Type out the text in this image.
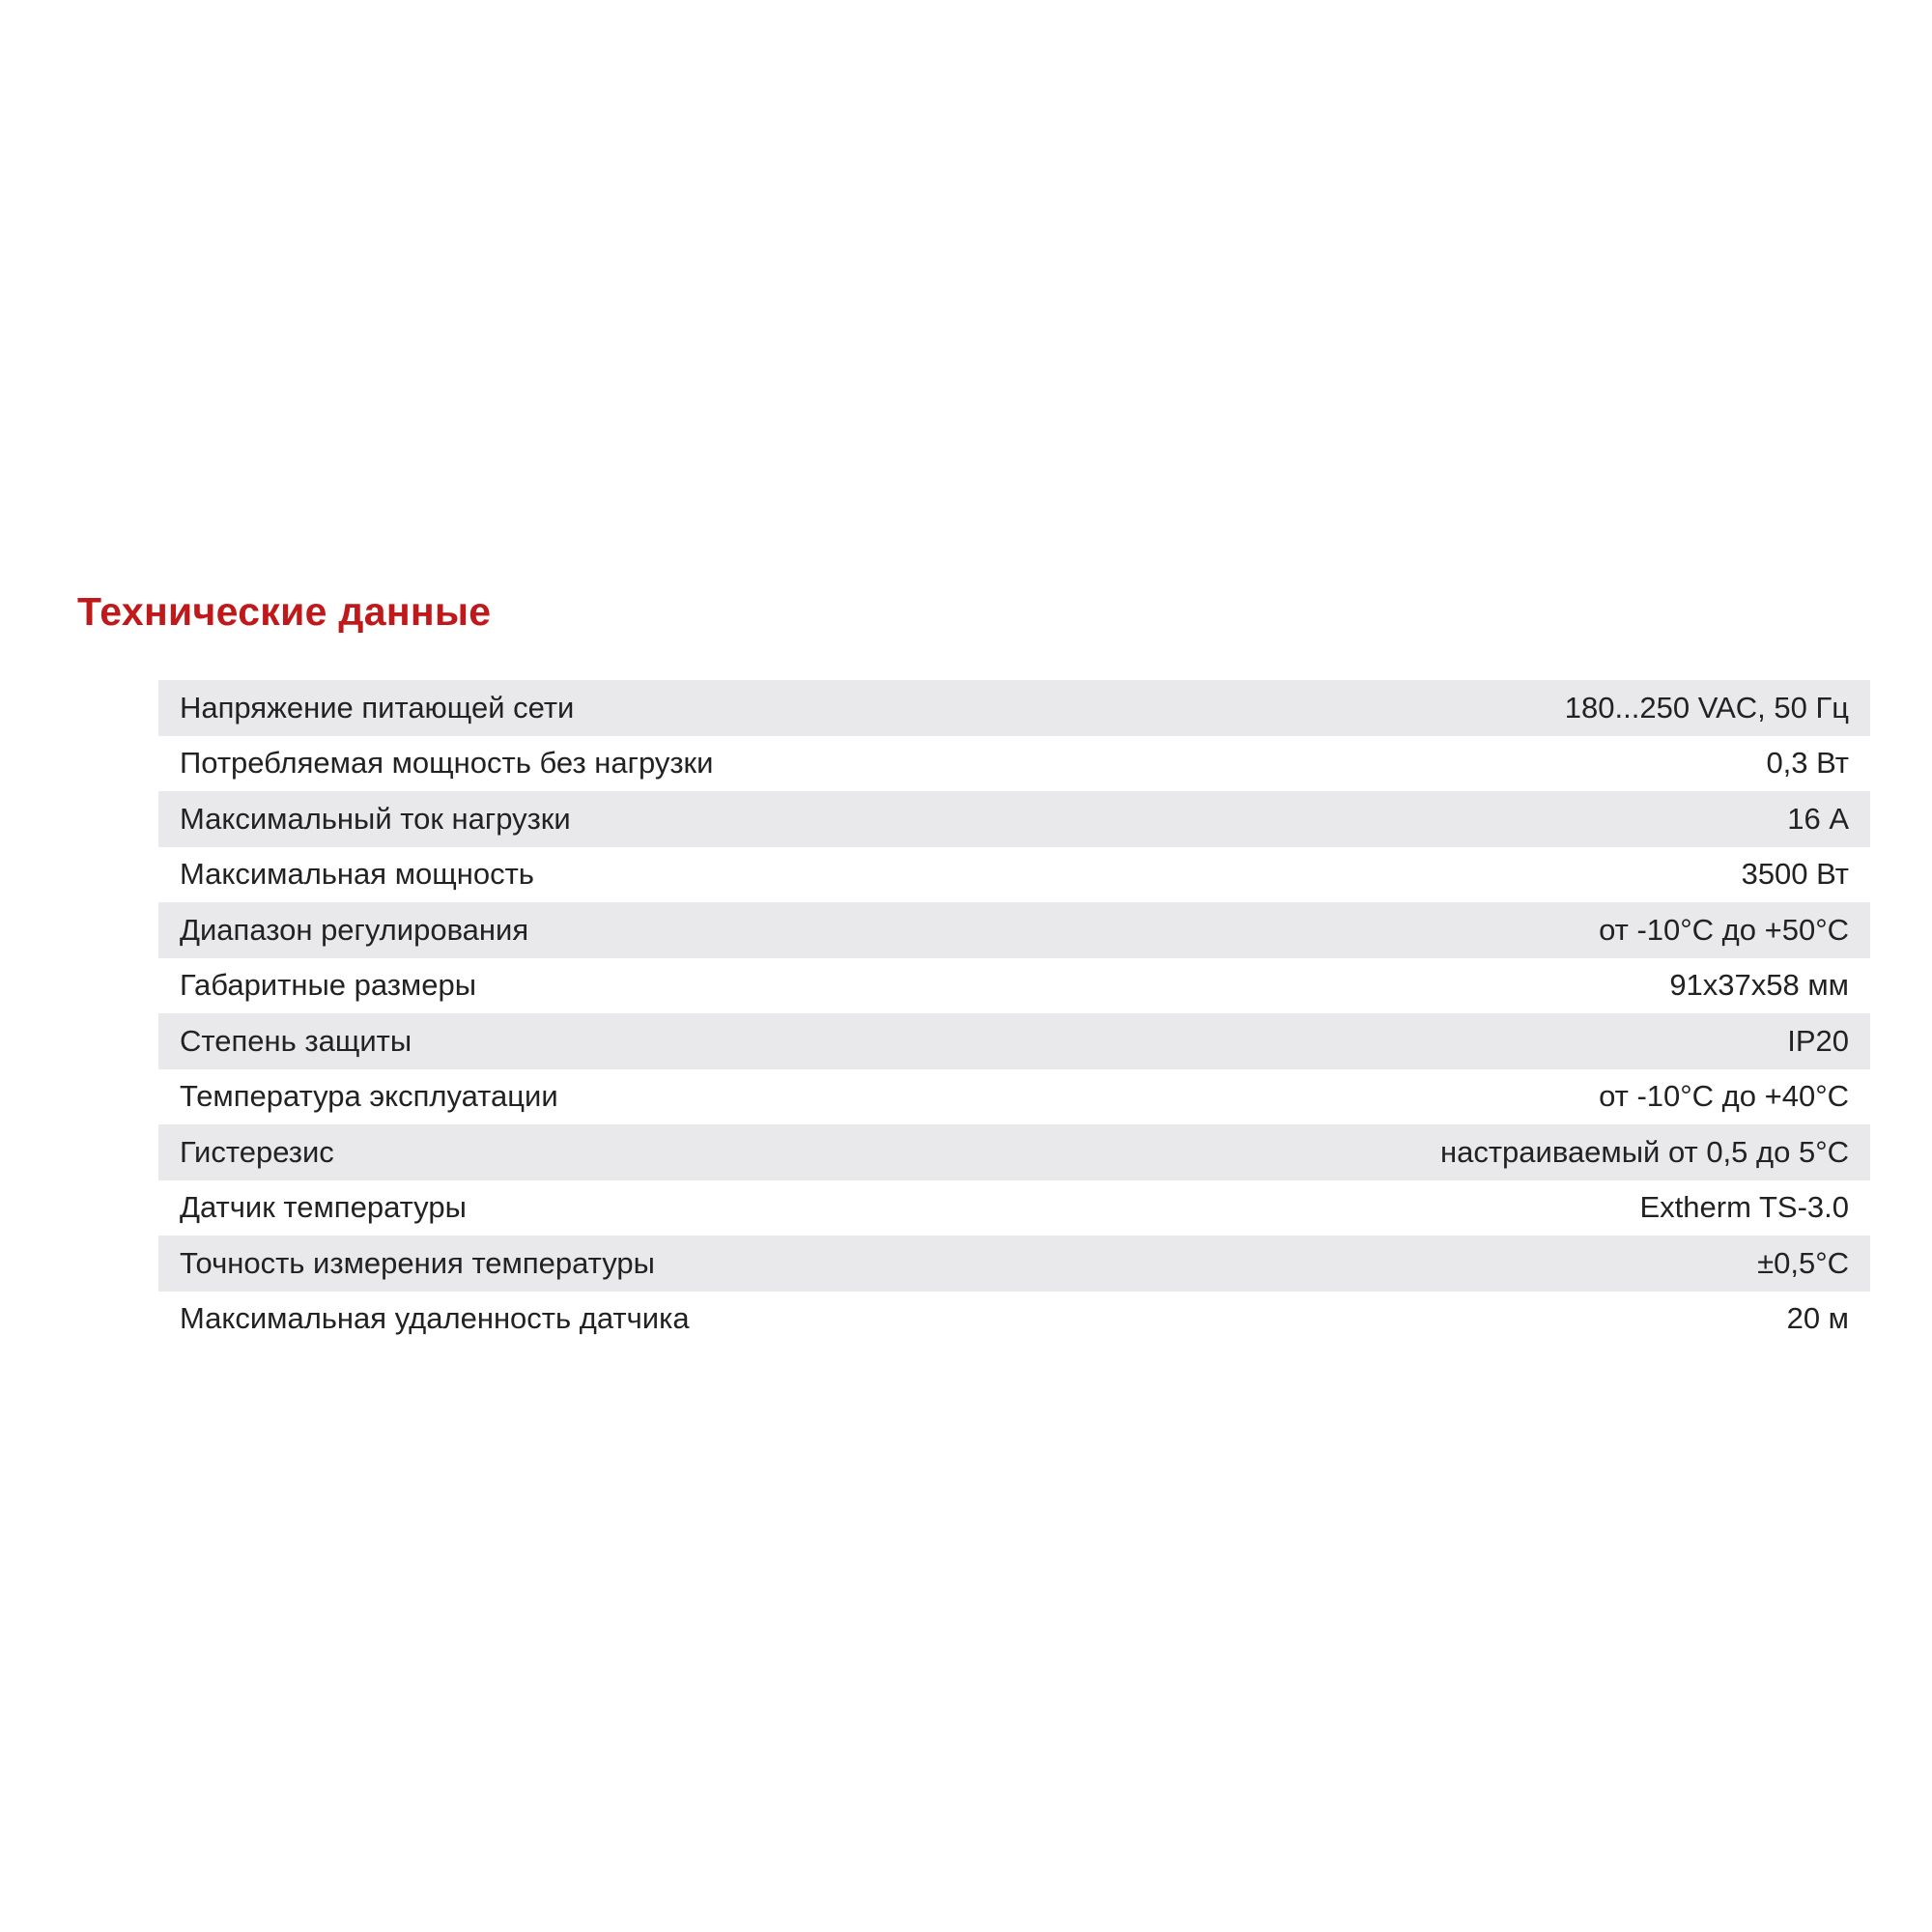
Технические данные
Напряжение питающей сети	180...250 VAC, 50 Гц
Потребляемая мощность без нагрузки	0,3 Вт
Максимальный ток нагрузки	16 А
Максимальная мощность	3500 Вт
Диапазон регулирования	от -10°С до +50°С
Габаритные размеры	91x37x58 мм
Степень защиты	IP20
Температура эксплуатации	от -10°С до +40°С
Гистерезис	настраиваемый от 0,5 до 5°С
Датчик температуры	Extherm TS-3.0
Точность измерения температуры	±0,5°С
Максимальная удаленность датчика	20 м
